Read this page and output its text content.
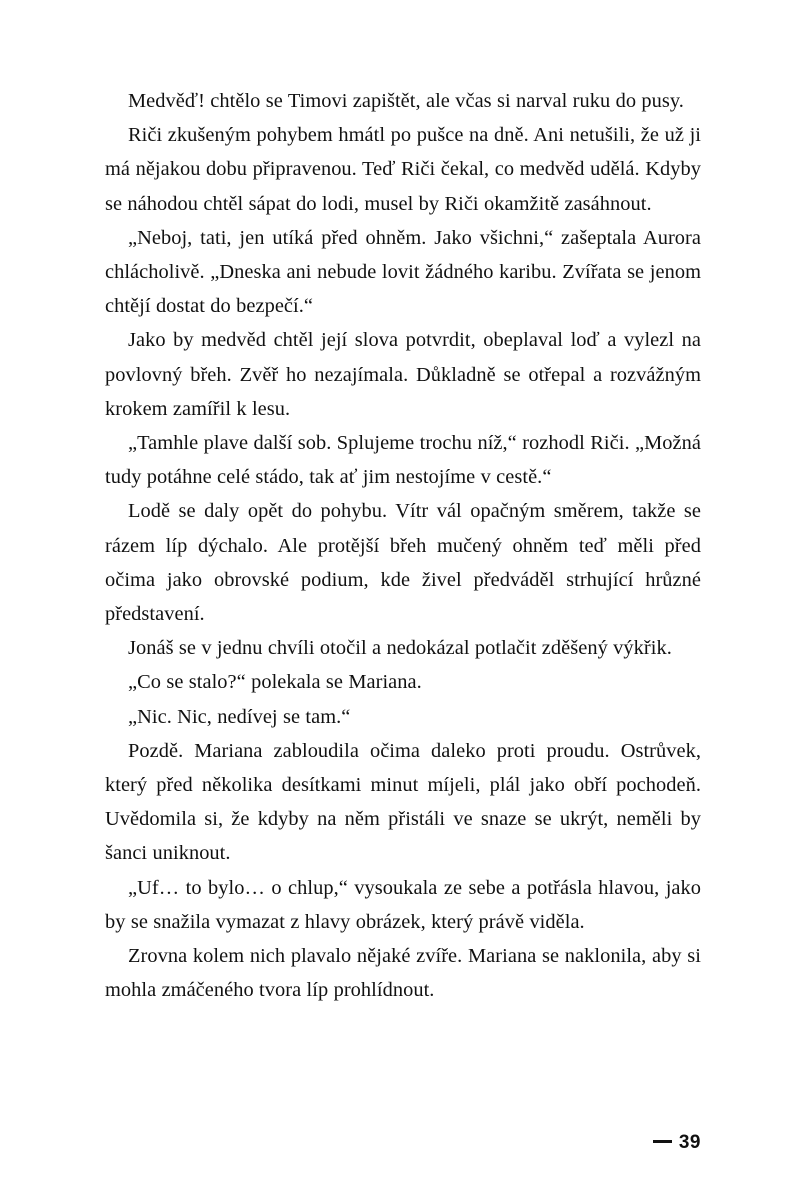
Medvěď! chtělo se Timovi zapištět, ale včas si narval ruku do pusy.

Riči zkušeným pohybem hmátl po pušce na dně. Ani netušili, že už ji má nějakou dobu připravenou. Teď Riči čekal, co medvěd udělá. Kdyby se náhodou chtěl sápat do lodi, musel by Riči okamžitě zasáhnout.

„Neboj, tati, jen utíká před ohněm. Jako všichni,“ zašeptala Aurora chlácholivě. „Dneska ani nebude lovit žádného karibu. Zvířata se jenom chtějí dostat do bezpečí.“

Jako by medvěd chtěl její slova potvrdit, obeplaval loď a vylezl na povlovný břeh. Zvěř ho nezajímala. Důkladně se otřepal a rozvážným krokem zamířil k lesu.

„Tamhle plave další sob. Splujeme trochu níž,“ rozhodl Riči. „Možná tudy potáhne celé stádo, tak ať jim nestojíme v cestě.“

Lodě se daly opět do pohybu. Vítr vál opačným směrem, takže se rázem líp dýchalo. Ale protější břeh mučený ohněm teď měli před očima jako obrovské podium, kde živel předváděl strhující hrůzné představení.

Jonáš se v jednu chvíli otočil a nedokázal potlačit zděšený výkřik.

„Co se stalo?“ polekala se Mariana.

„Nic. Nic, nedívej se tam.“

Pozdě. Mariana zabloudila očima daleko proti proudu. Ostrůvek, který před několika desítkami minut míjeli, plál jako obří pochodeň. Uvědomila si, že kdyby na něm přistáli ve snaze se ukrýt, neměli by šanci uniknout.

„Uf… to bylo… o chlup,“ vysoukala ze sebe a potřásla hlavou, jako by se snažila vymazat z hlavy obrázek, který právě viděla.

Zrovna kolem nich plavalo nějaké zvíře. Mariana se naklonila, aby si mohla zmáčeného tvora líp prohlídnout.

39
